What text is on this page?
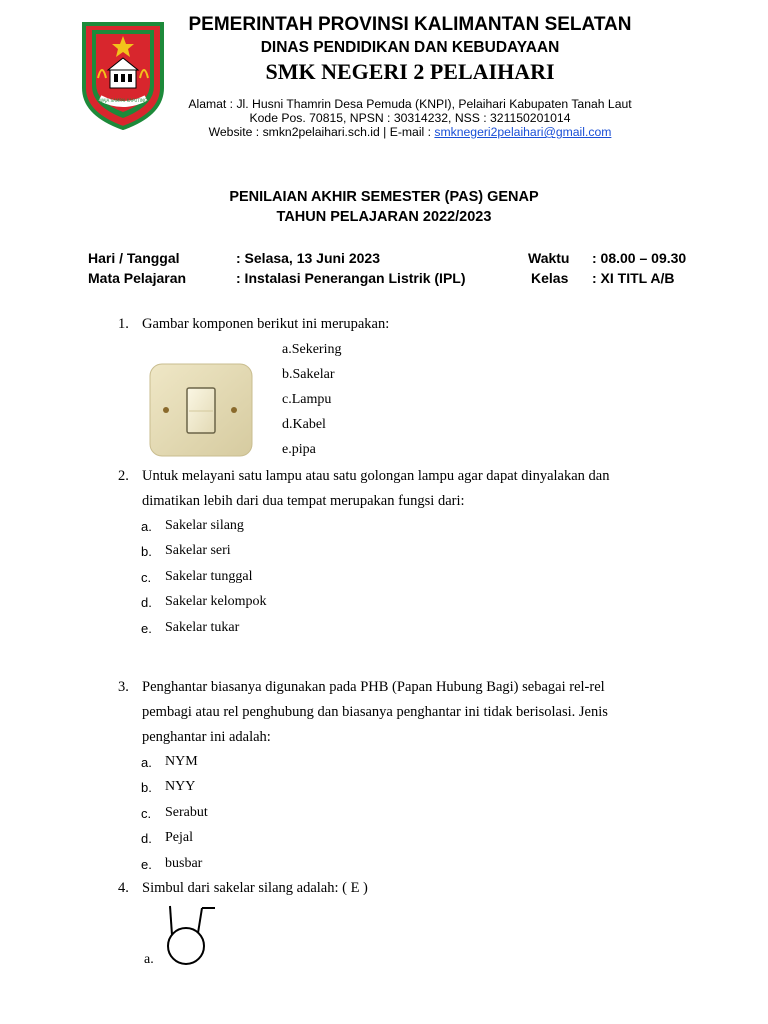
WAJA SAMPAI KAPUTING
PEMERINTAH PROVINSI KALIMANTAN SELATAN
DINAS PENDIDIKAN DAN KEBUDAYAAN
SMK NEGERI 2 PELAIHARI
Alamat : Jl. Husni Thamrin Desa Pemuda (KNPI), Pelaihari Kabupaten Tanah Laut
Kode Pos. 70815, NPSN : 30314232, NSS : 321150201014
Website : smkn2pelaihari.sch.id | E-mail : smknegeri2pelaihari@gmail.com
PENILAIAN AKHIR SEMESTER (PAS) GENAP
TAHUN PELAJARAN 2022/2023
Hari / Tanggal	: Selasa, 13 Juni 2023	Waktu : 08.00 – 09.30
Mata Pelajaran	: Instalasi Penerangan Listrik (IPL)	Kelas : XI TITL A/B
1. Gambar komponen berikut ini merupakan:
a.Sekering
b.Sakelar
c.Lampu
d.Kabel
e.pipa
2. Untuk melayani satu lampu atau satu golongan lampu agar dapat dinyalakan dan
dimatikan lebih dari dua tempat merupakan fungsi dari:
a. Sakelar silang
b. Sakelar seri
c. Sakelar tunggal
d. Sakelar kelompok
e. Sakelar tukar
3. Penghantar biasanya digunakan pada PHB (Papan Hubung Bagi) sebagai rel-rel
pembagi atau rel penghubung dan biasanya penghantar ini tidak berisolasi. Jenis
penghantar ini adalah:
a. NYM
b. NYY
c. Serabut
d. Pejal
e. busbar
4. Simbul dari sakelar silang adalah: ( E )
a.
